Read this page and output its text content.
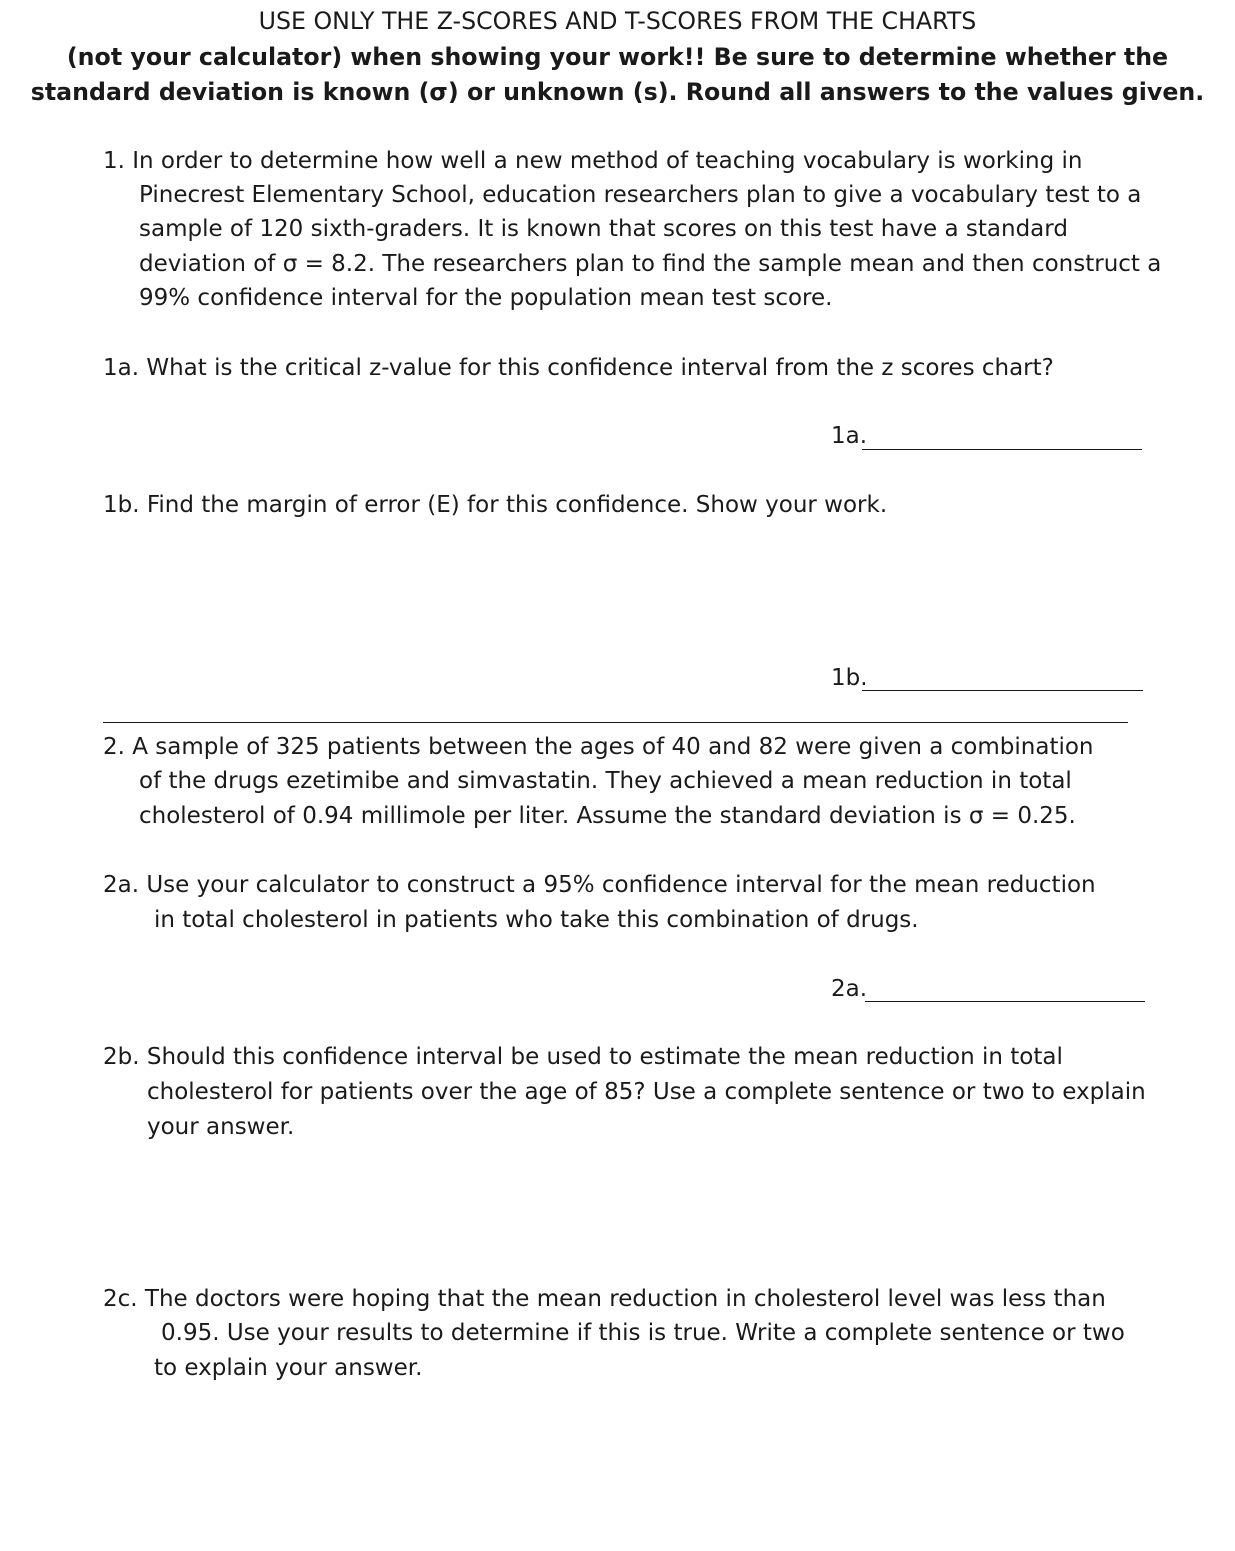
USE ONLY THE Z-SCORES AND T-SCORES FROM THE CHARTS
(not your calculator) when showing your work!! Be sure to determine whether the
standard deviation is known (σ) or unknown (s). Round all answers to the values given.
1. In order to determine how well a new method of teaching vocabulary is working in
Pinecrest Elementary School, education researchers plan to give a vocabulary test to a
sample of 120 sixth-graders. It is known that scores on this test have a standard
deviation of σ = 8.2. The researchers plan to find the sample mean and then construct a
99% confidence interval for the population mean test score.
1a. What is the critical z-value for this confidence interval from the z scores chart?
1a.
1b. Find the margin of error (E) for this confidence. Show your work.
1b.
2. A sample of 325 patients between the ages of 40 and 82 were given a combination
of the drugs ezetimibe and simvastatin. They achieved a mean reduction in total
cholesterol of 0.94 millimole per liter. Assume the standard deviation is σ = 0.25.
2a. Use your calculator to construct a 95% confidence interval for the mean reduction
in total cholesterol in patients who take this combination of drugs.
2a.
2b. Should this confidence interval be used to estimate the mean reduction in total
cholesterol for patients over the age of 85? Use a complete sentence or two to explain
your answer.
2c. The doctors were hoping that the mean reduction in cholesterol level was less than
0.95. Use your results to determine if this is true. Write a complete sentence or two
to explain your answer.
